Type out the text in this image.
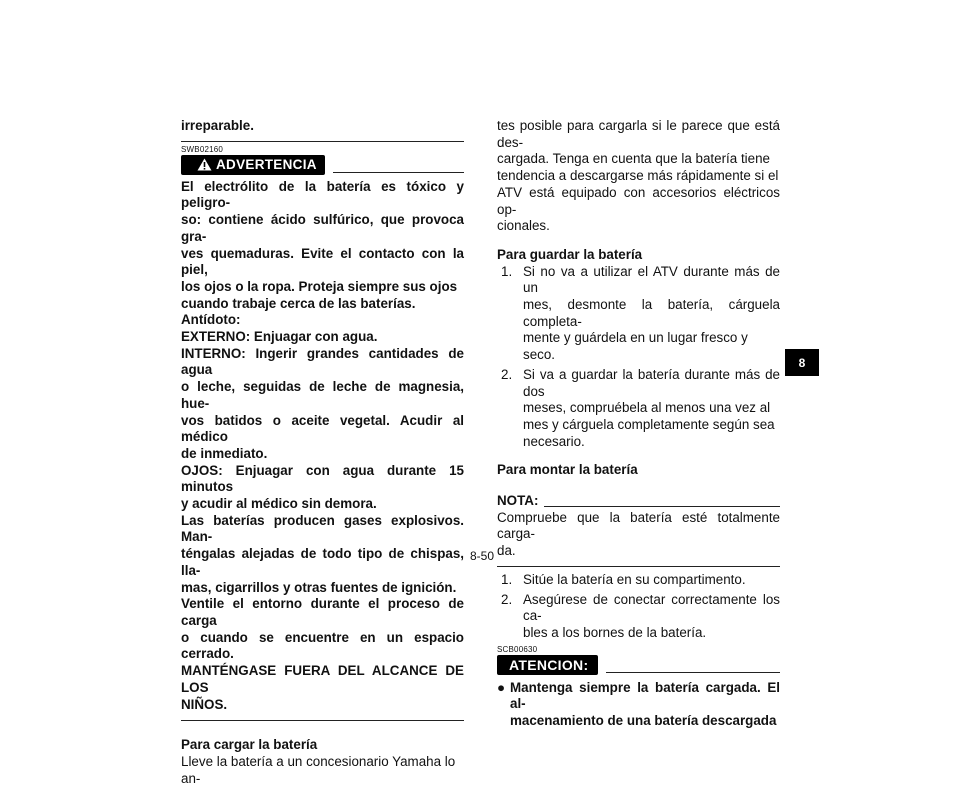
irreparable.

SWB02160
ADVERTENCIA

El electrólito de la batería es tóxico y peligro-

so: contiene ácido sulfúrico, que provoca gra-

ves quemaduras. Evite el contacto con la piel,

los ojos o la ropa. Proteja siempre sus ojos

cuando trabaje cerca de las baterías.

Antídoto:

EXTERNO: Enjuagar con agua.

INTERNO: Ingerir grandes cantidades de agua

o leche, seguidas de leche de magnesia, hue-

vos batidos o aceite vegetal. Acudir al médico

de inmediato.

OJOS: Enjuagar con agua durante 15 minutos

y acudir al médico sin demora.

Las baterías producen gases explosivos. Man-

téngalas alejadas de todo tipo de chispas, lla-

mas, cigarrillos y otras fuentes de ignición.

Ventile el entorno durante el proceso de carga

o cuando se encuentre en un espacio cerrado.

MANTÉNGASE FUERA DEL ALCANCE DE LOS

NIÑOS.

Para cargar la batería

Lleve la batería a un concesionario Yamaha lo an-

tes posible para cargarla si le parece que está des-

cargada. Tenga en cuenta que la batería tiene

tendencia a descargarse más rápidamente si el

ATV está equipado con accesorios eléctricos op-

cionales.

Para guardar la batería

1. Si no va a utilizar el ATV durante más de un
mes, desmonte la batería, cárguela completa-
mente y guárdela en un lugar fresco y seco.
2. Si va a guardar la batería durante más de dos
meses, compruébela al menos una vez al
mes y cárguela completamente según sea
necesario.

Para montar la batería

NOTA:

Compruebe que la batería esté totalmente carga-

da.

1. Sitúe la batería en su compartimento.
2. Asegúrese de conectar correctamente los ca-
bles a los bornes de la batería.
SCB00630
ATENCION:
● Mantenga siempre la batería cargada. El al-
macenamiento de una batería descargada
8-50
8
